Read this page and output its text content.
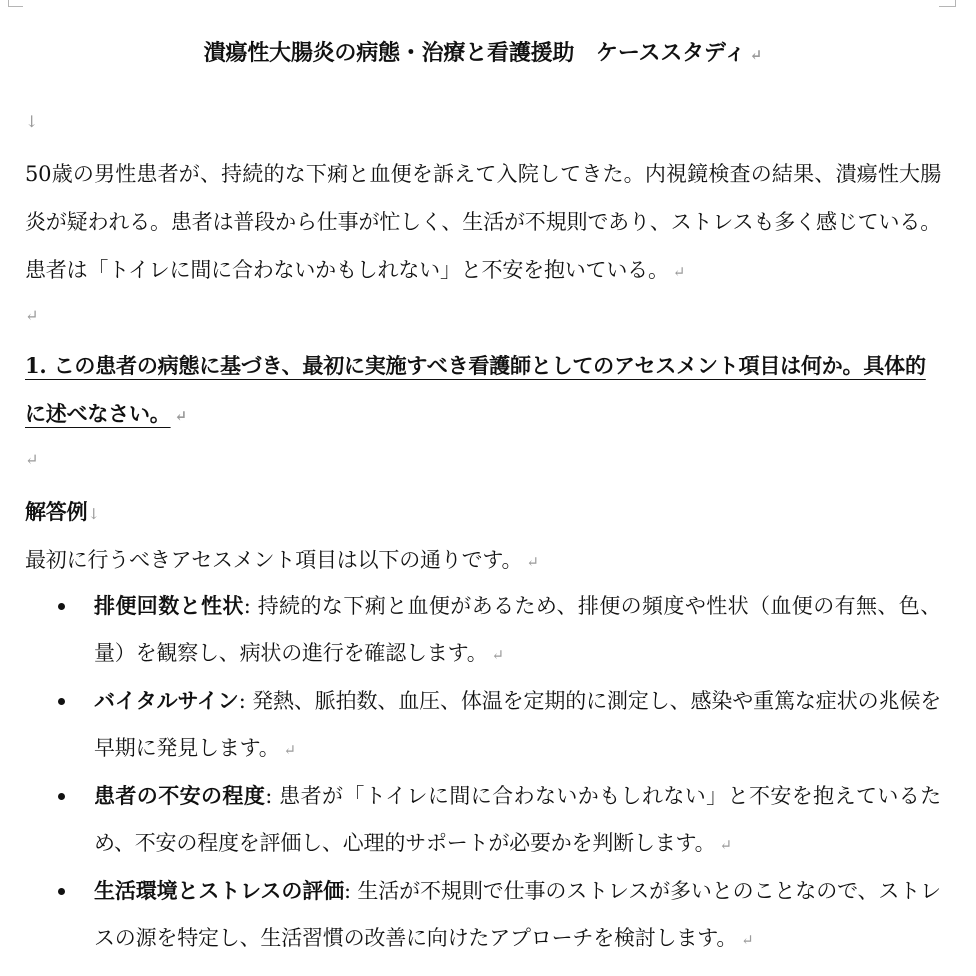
潰瘍性大腸炎の病態・治療と看護援助　ケーススタディ ↵
↓
50歳の男性患者が、持続的な下痢と血便を訴えて入院してきた。内視鏡検査の結果、潰瘍性大腸炎が疑われる。患者は普段から仕事が忙しく、生活が不規則であり、ストレスも多く感じている。患者は「トイレに間に合わないかもしれない」と不安を抱いている。 ↵
↵
1. この患者の病態に基づき、最初に実施すべき看護師としてのアセスメント項目は何か。具体的に述べなさい。 ↵
↵
解答例↓
最初に行うべきアセスメント項目は以下の通りです。 ↵
排便回数と性状: 持続的な下痢と血便があるため、排便の頻度や性状（血便の有無、色、量）を観察し、病状の進行を確認します。 ↵
バイタルサイン: 発熱、脈拍数、血圧、体温を定期的に測定し、感染や重篤な症状の兆候を早期に発見します。 ↵
患者の不安の程度: 患者が「トイレに間に合わないかもしれない」と不安を抱えているため、不安の程度を評価し、心理的サポートが必要かを判断します。 ↵
生活環境とストレスの評価: 生活が不規則で仕事のストレスが多いとのことなので、ストレスの源を特定し、生活習慣の改善に向けたアプローチを検討します。 ↵
